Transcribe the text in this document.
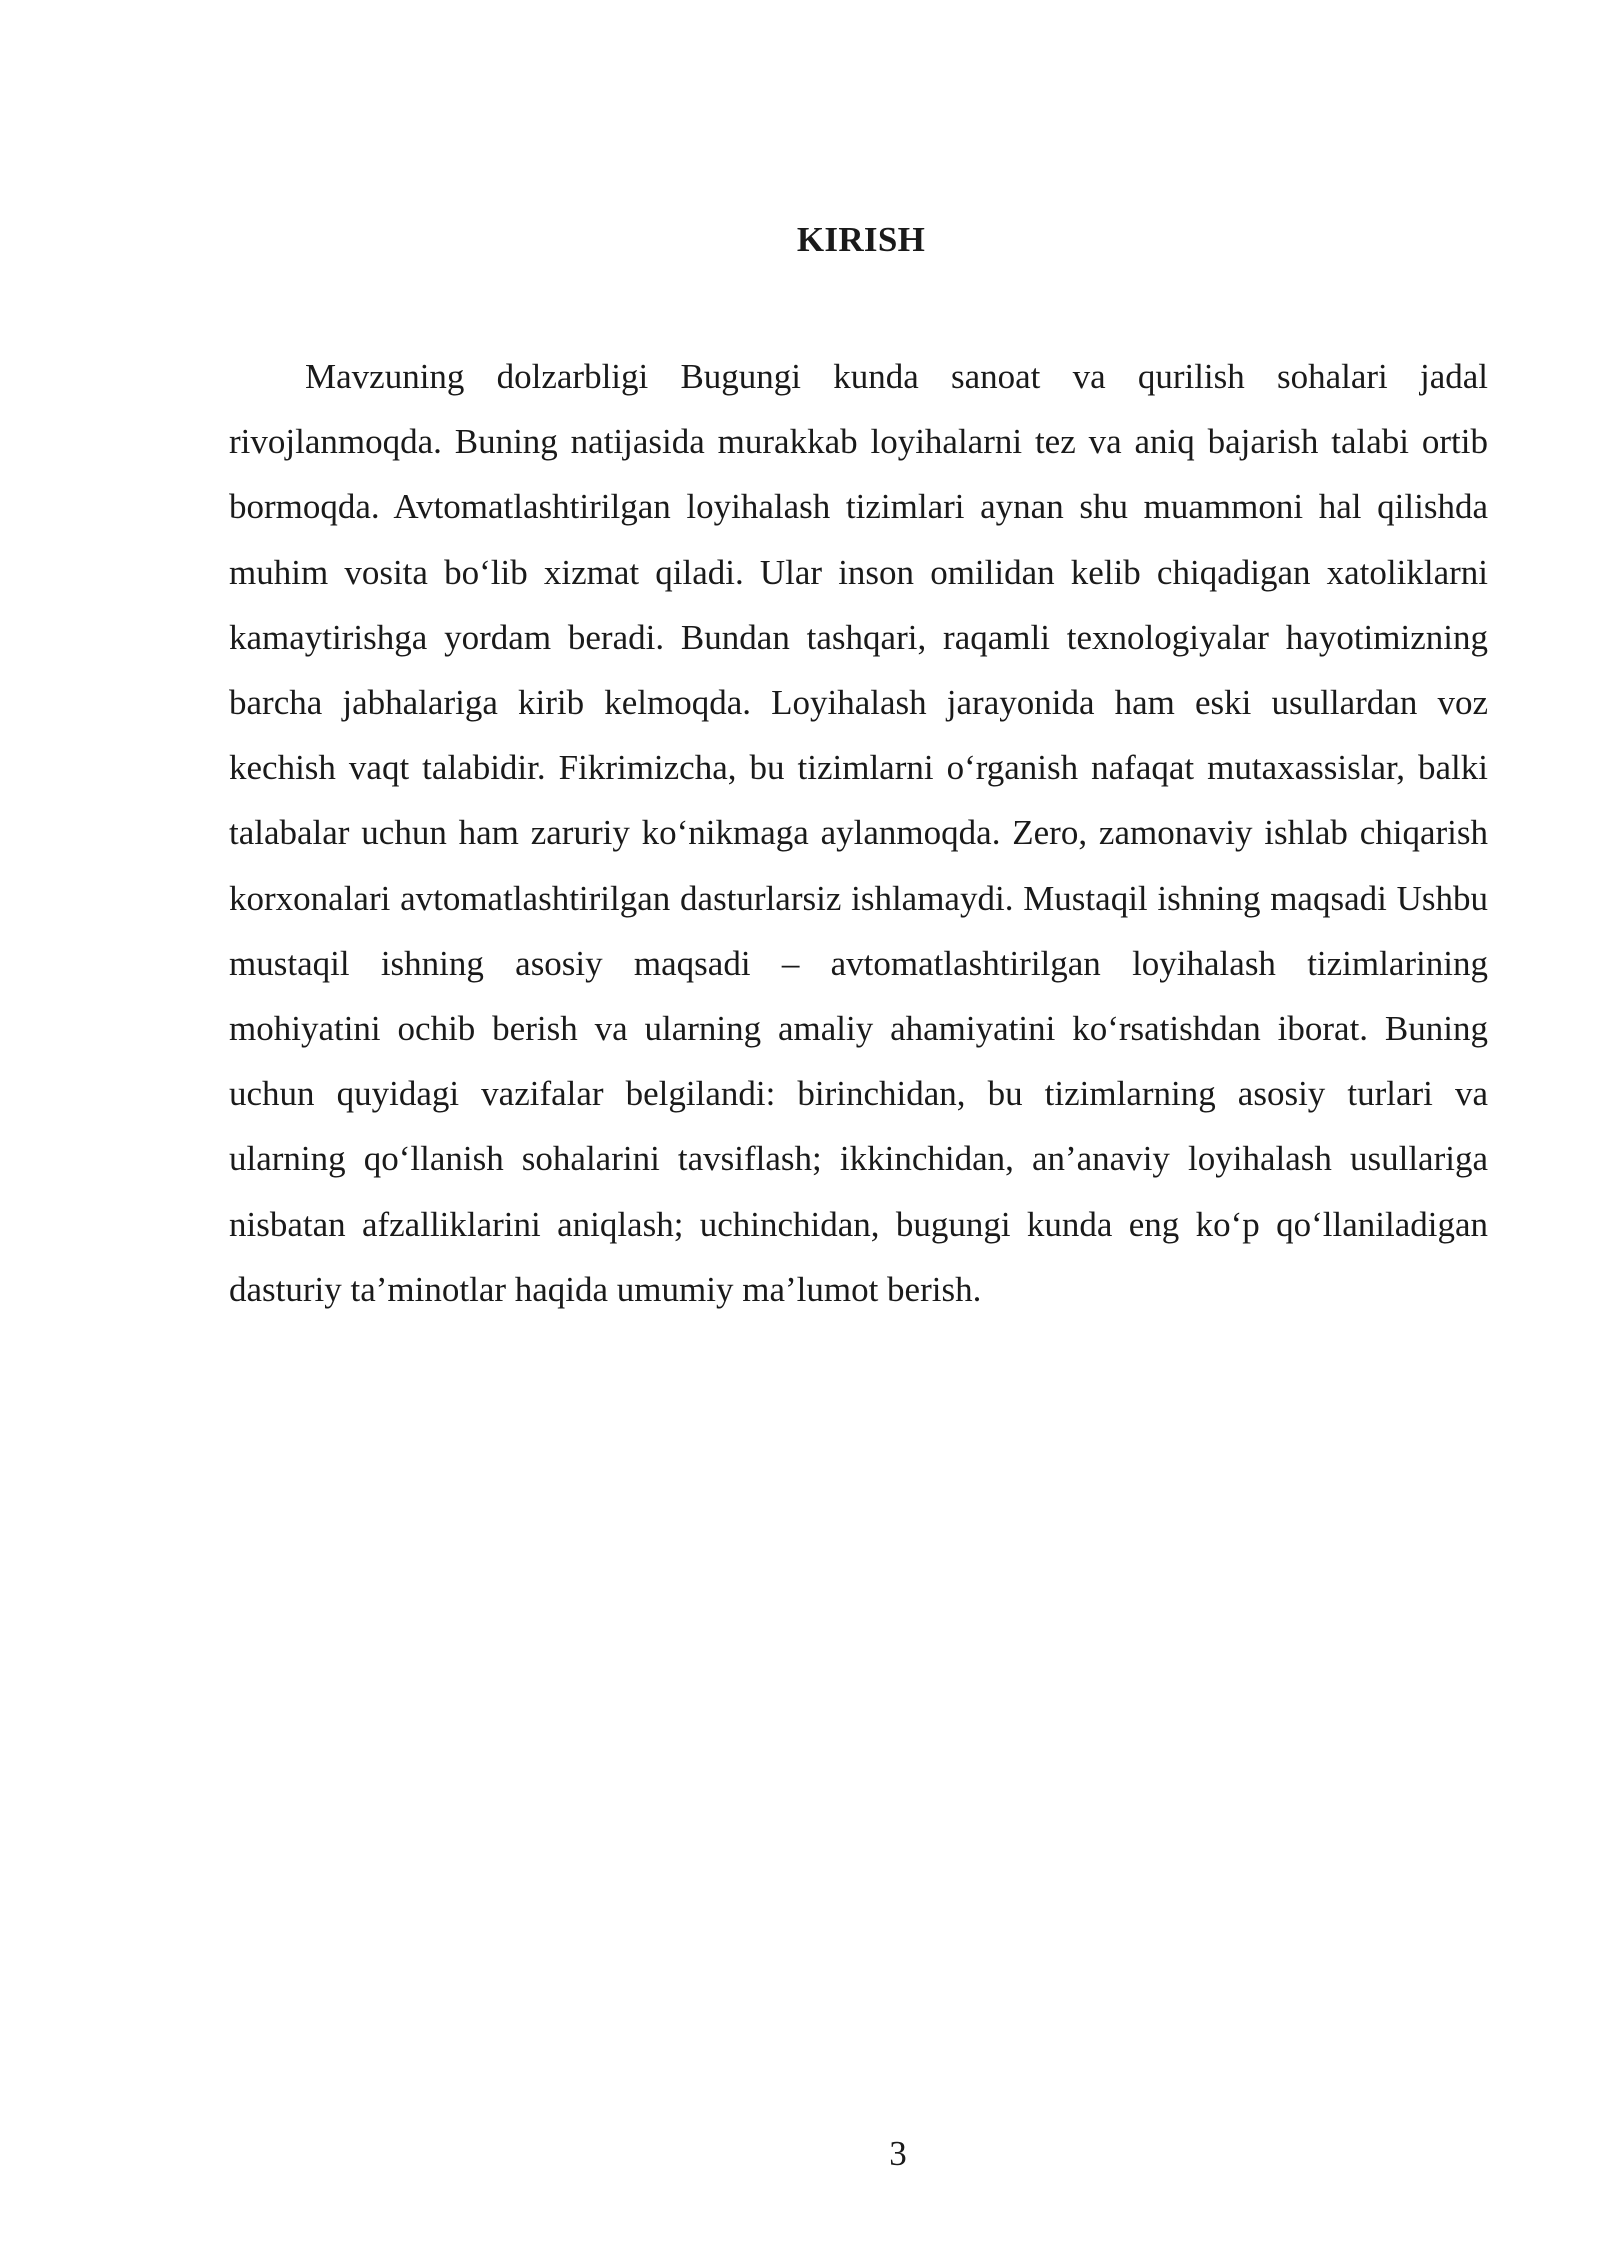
KIRISH

Mavzuning dolzarbligi Bugungi kunda sanoat va qurilish sohalari jadal rivojlanmoqda. Buning natijasida murakkab loyihalarni tez va aniq bajarish talabi ortib bormoqda. Avtomatlashtirilgan loyihalash tizimlari aynan shu muammoni hal qilishda muhim vosita bo‘lib xizmat qiladi. Ular inson omilidan kelib chiqadigan xatoliklarni kamaytirishga yordam beradi. Bundan tashqari, raqamli texnologiyalar hayotimizning barcha jabhalariga kirib kelmoqda. Loyihalash jarayonida ham eski usullardan voz kechish vaqt talabidir. Fikrimizcha, bu tizimlarni o‘rganish nafaqat mutaxassislar, balki talabalar uchun ham zaruriy ko‘nikmaga aylanmoqda. Zero, zamonaviy ishlab chiqarish korxonalari avtomatlashtirilgan dasturlarsiz ishlamaydi. Mustaqil ishning maqsadi Ushbu mustaqil ishning asosiy maqsadi – avtomatlashtirilgan loyihalash tizimlarining mohiyatini ochib berish va ularning amaliy ahamiyatini ko‘rsatishdan iborat. Buning uchun quyidagi vazifalar belgilandi: birinchidan, bu tizimlarning asosiy turlari va ularning qo‘llanish sohalarini tavsiflash; ikkinchidan, an’anaviy loyihalash usullariga nisbatan afzalliklarini aniqlash; uchinchidan, bugungi kunda eng ko‘p qo‘llaniladigan dasturiy ta’minotlar haqida umumiy ma’lumot berish.

3
